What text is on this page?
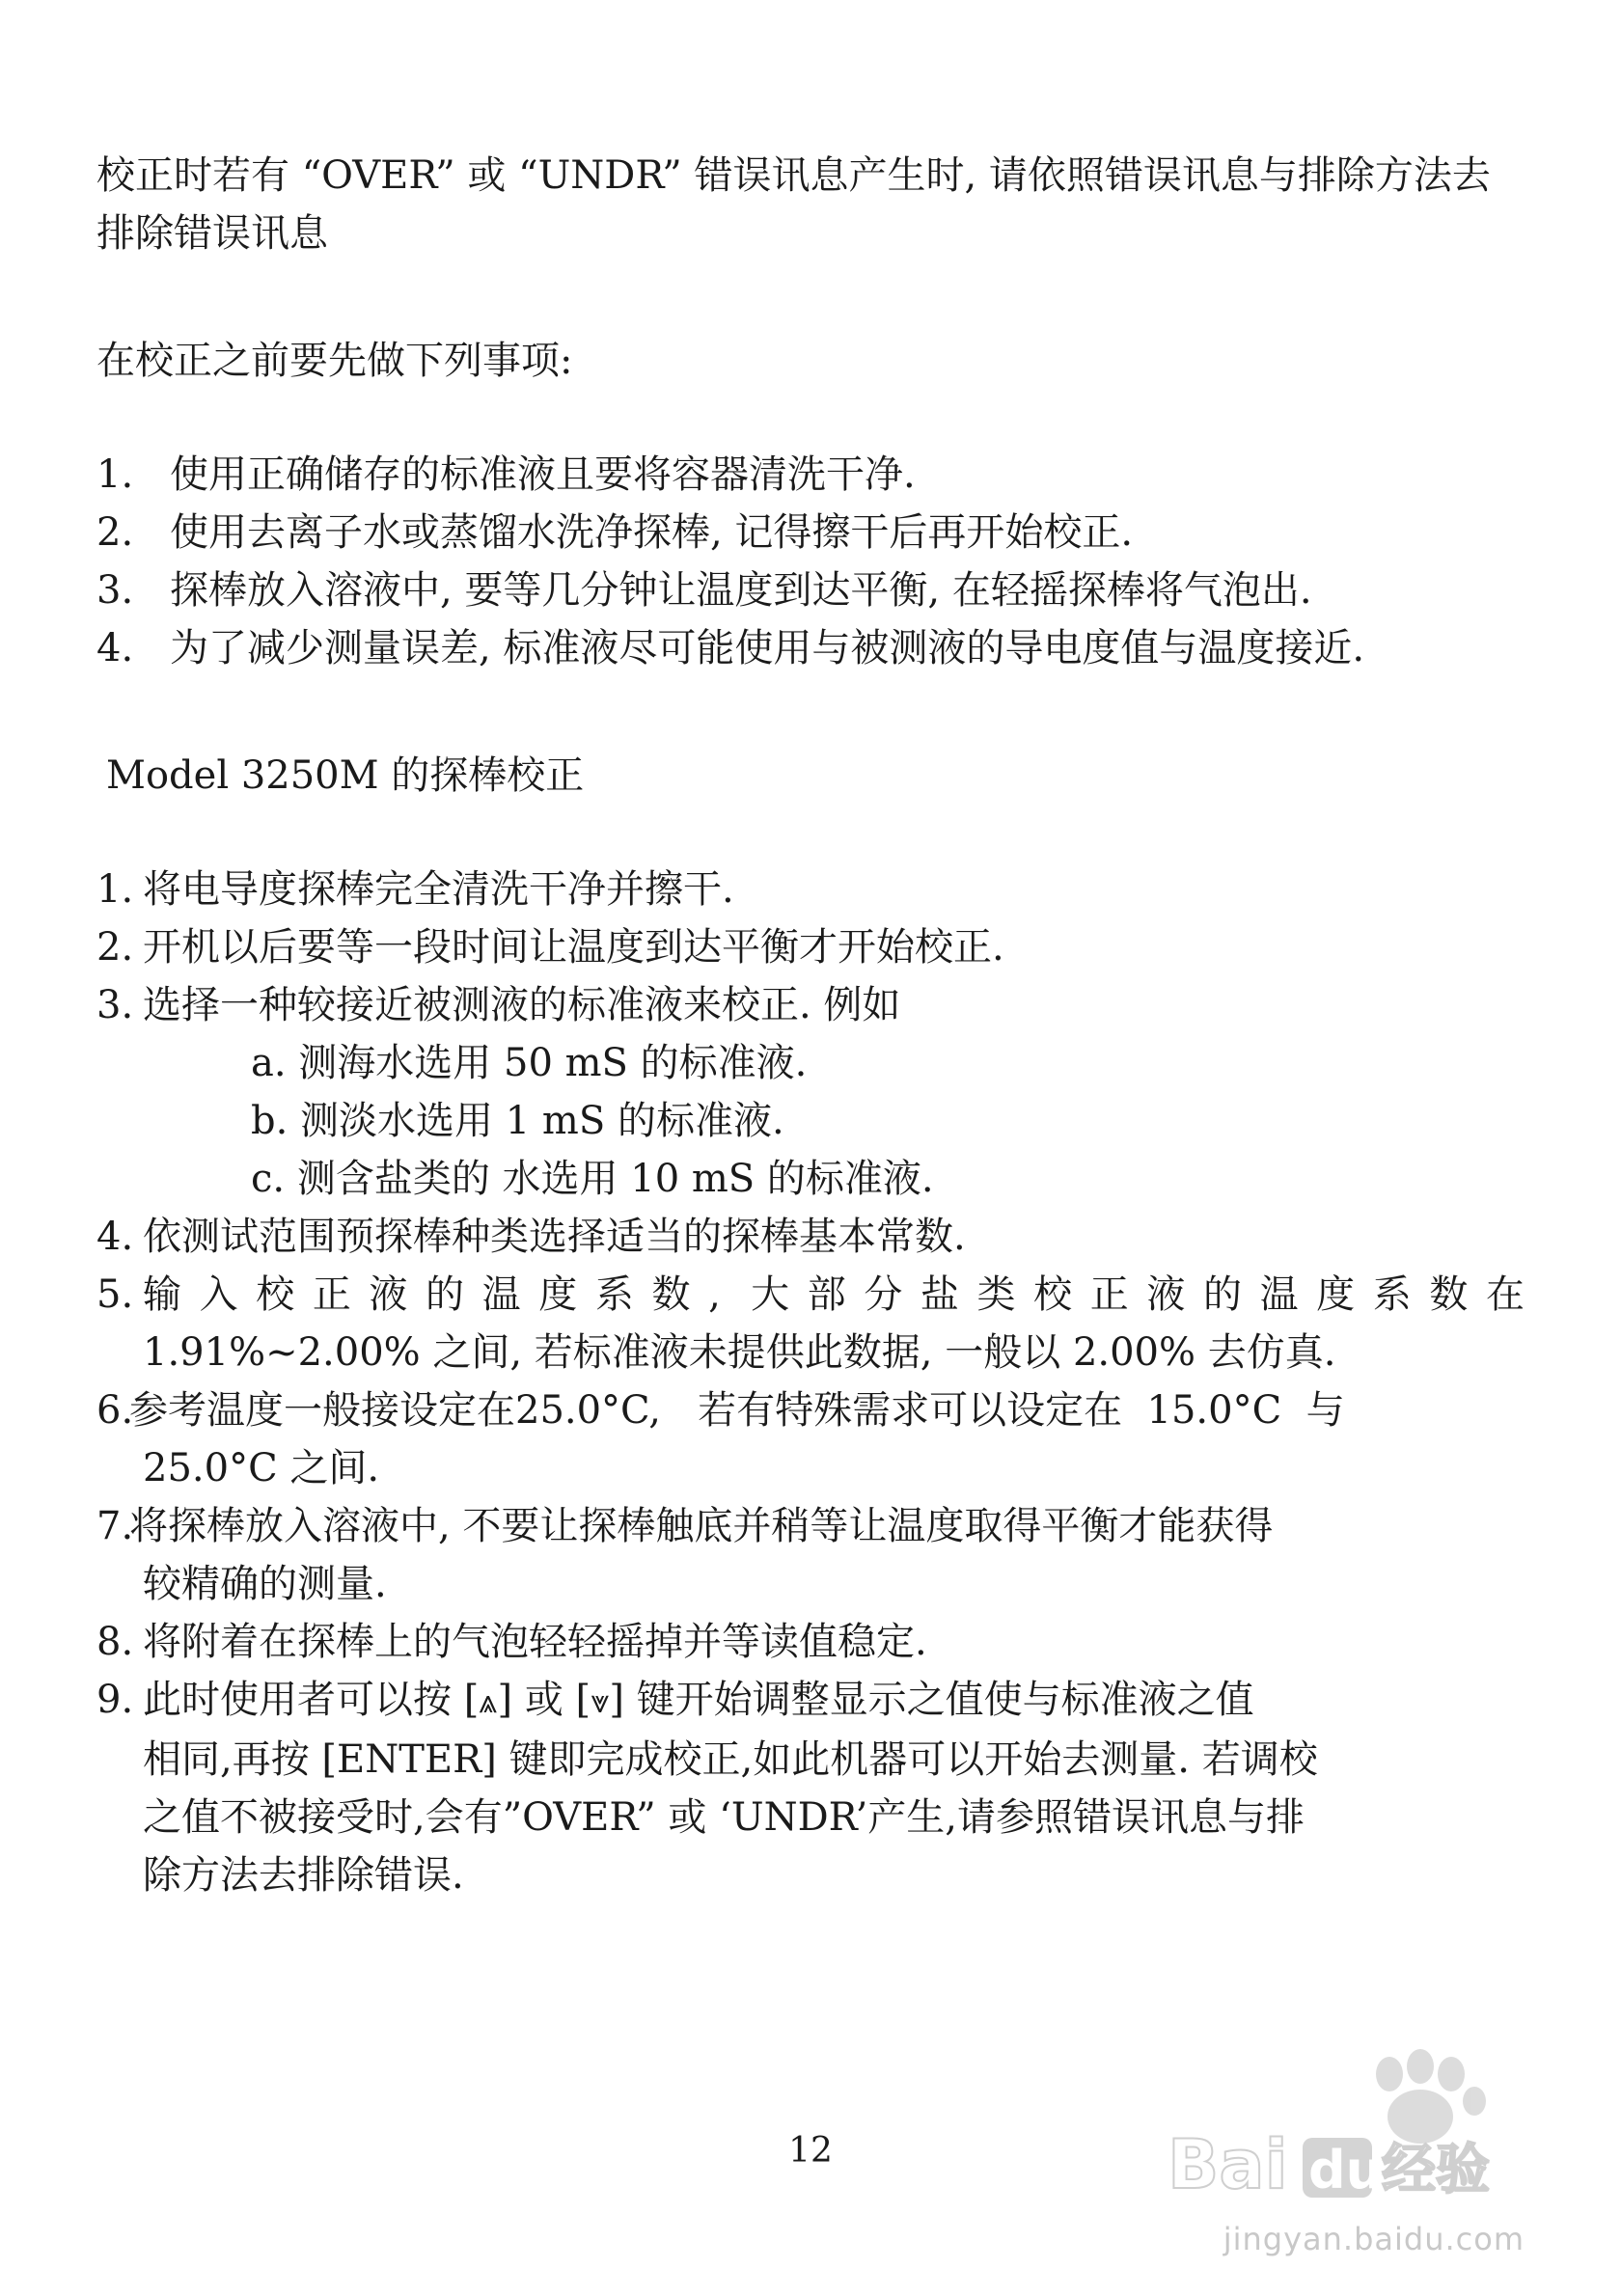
校正时若有 “OVER” 或 “UNDR” 错误讯息产生时, 请依照错误讯息与排除方法去排除错误讯息

在校正之前要先做下列事项:

1. 使用正确储存的标准液且要将容器清洗干净.
2. 使用去离子水或蒸馏水洗净探棒, 记得擦干后再开始校正.
3. 探棒放入溶液中, 要等几分钟让温度到达平衡, 在轻摇探棒将气泡出.
4. 为了减少测量误差, 标准液尽可能使用与被测液的导电度值与温度接近.

Model 3250M 的探棒校正

1. 将电导度探棒完全清洗干净并擦干.
2. 开机以后要等一段时间让温度到达平衡才开始校正.
3. 选择一种较接近被测液的标准液来校正. 例如
a. 测海水选用 50 mS 的标准液.
b. 测淡水选用 1 mS 的标准液.
c. 测含盐类的 水选用 10 mS 的标准液.
4. 依测试范围预探棒种类选择适当的探棒基本常数.
5. 输入校正液的温度系数, 大部分盐类校正液的温度系数在
1.91%~2.00% 之间, 若标准液未提供此数据, 一般以 2.00% 去仿真.
6.
参考温度一般接设定在25.0°C,   若有特殊需求可以设定在  15.0°C  与
25.0°C 之间.
7.
将探棒放入溶液中, 不要让探棒触底并稍等让温度取得平衡才能获得
较精确的测量.
8. 将附着在探棒上的气泡轻轻摇掉并等读值稳定.
9. 此时使用者可以按 [⩓] 或 [⩔] 键开始调整显示之值使与标准液之值
相同,再按 [ENTER] 键即完成校正,如此机器可以开始去测量. 若调校
之值不被接受时,会有”OVER” 或 ‘UNDR’产生,请参照错误讯息与排
除方法去排除错误.
12	Bai du
经验
jingyan.baidu.com
